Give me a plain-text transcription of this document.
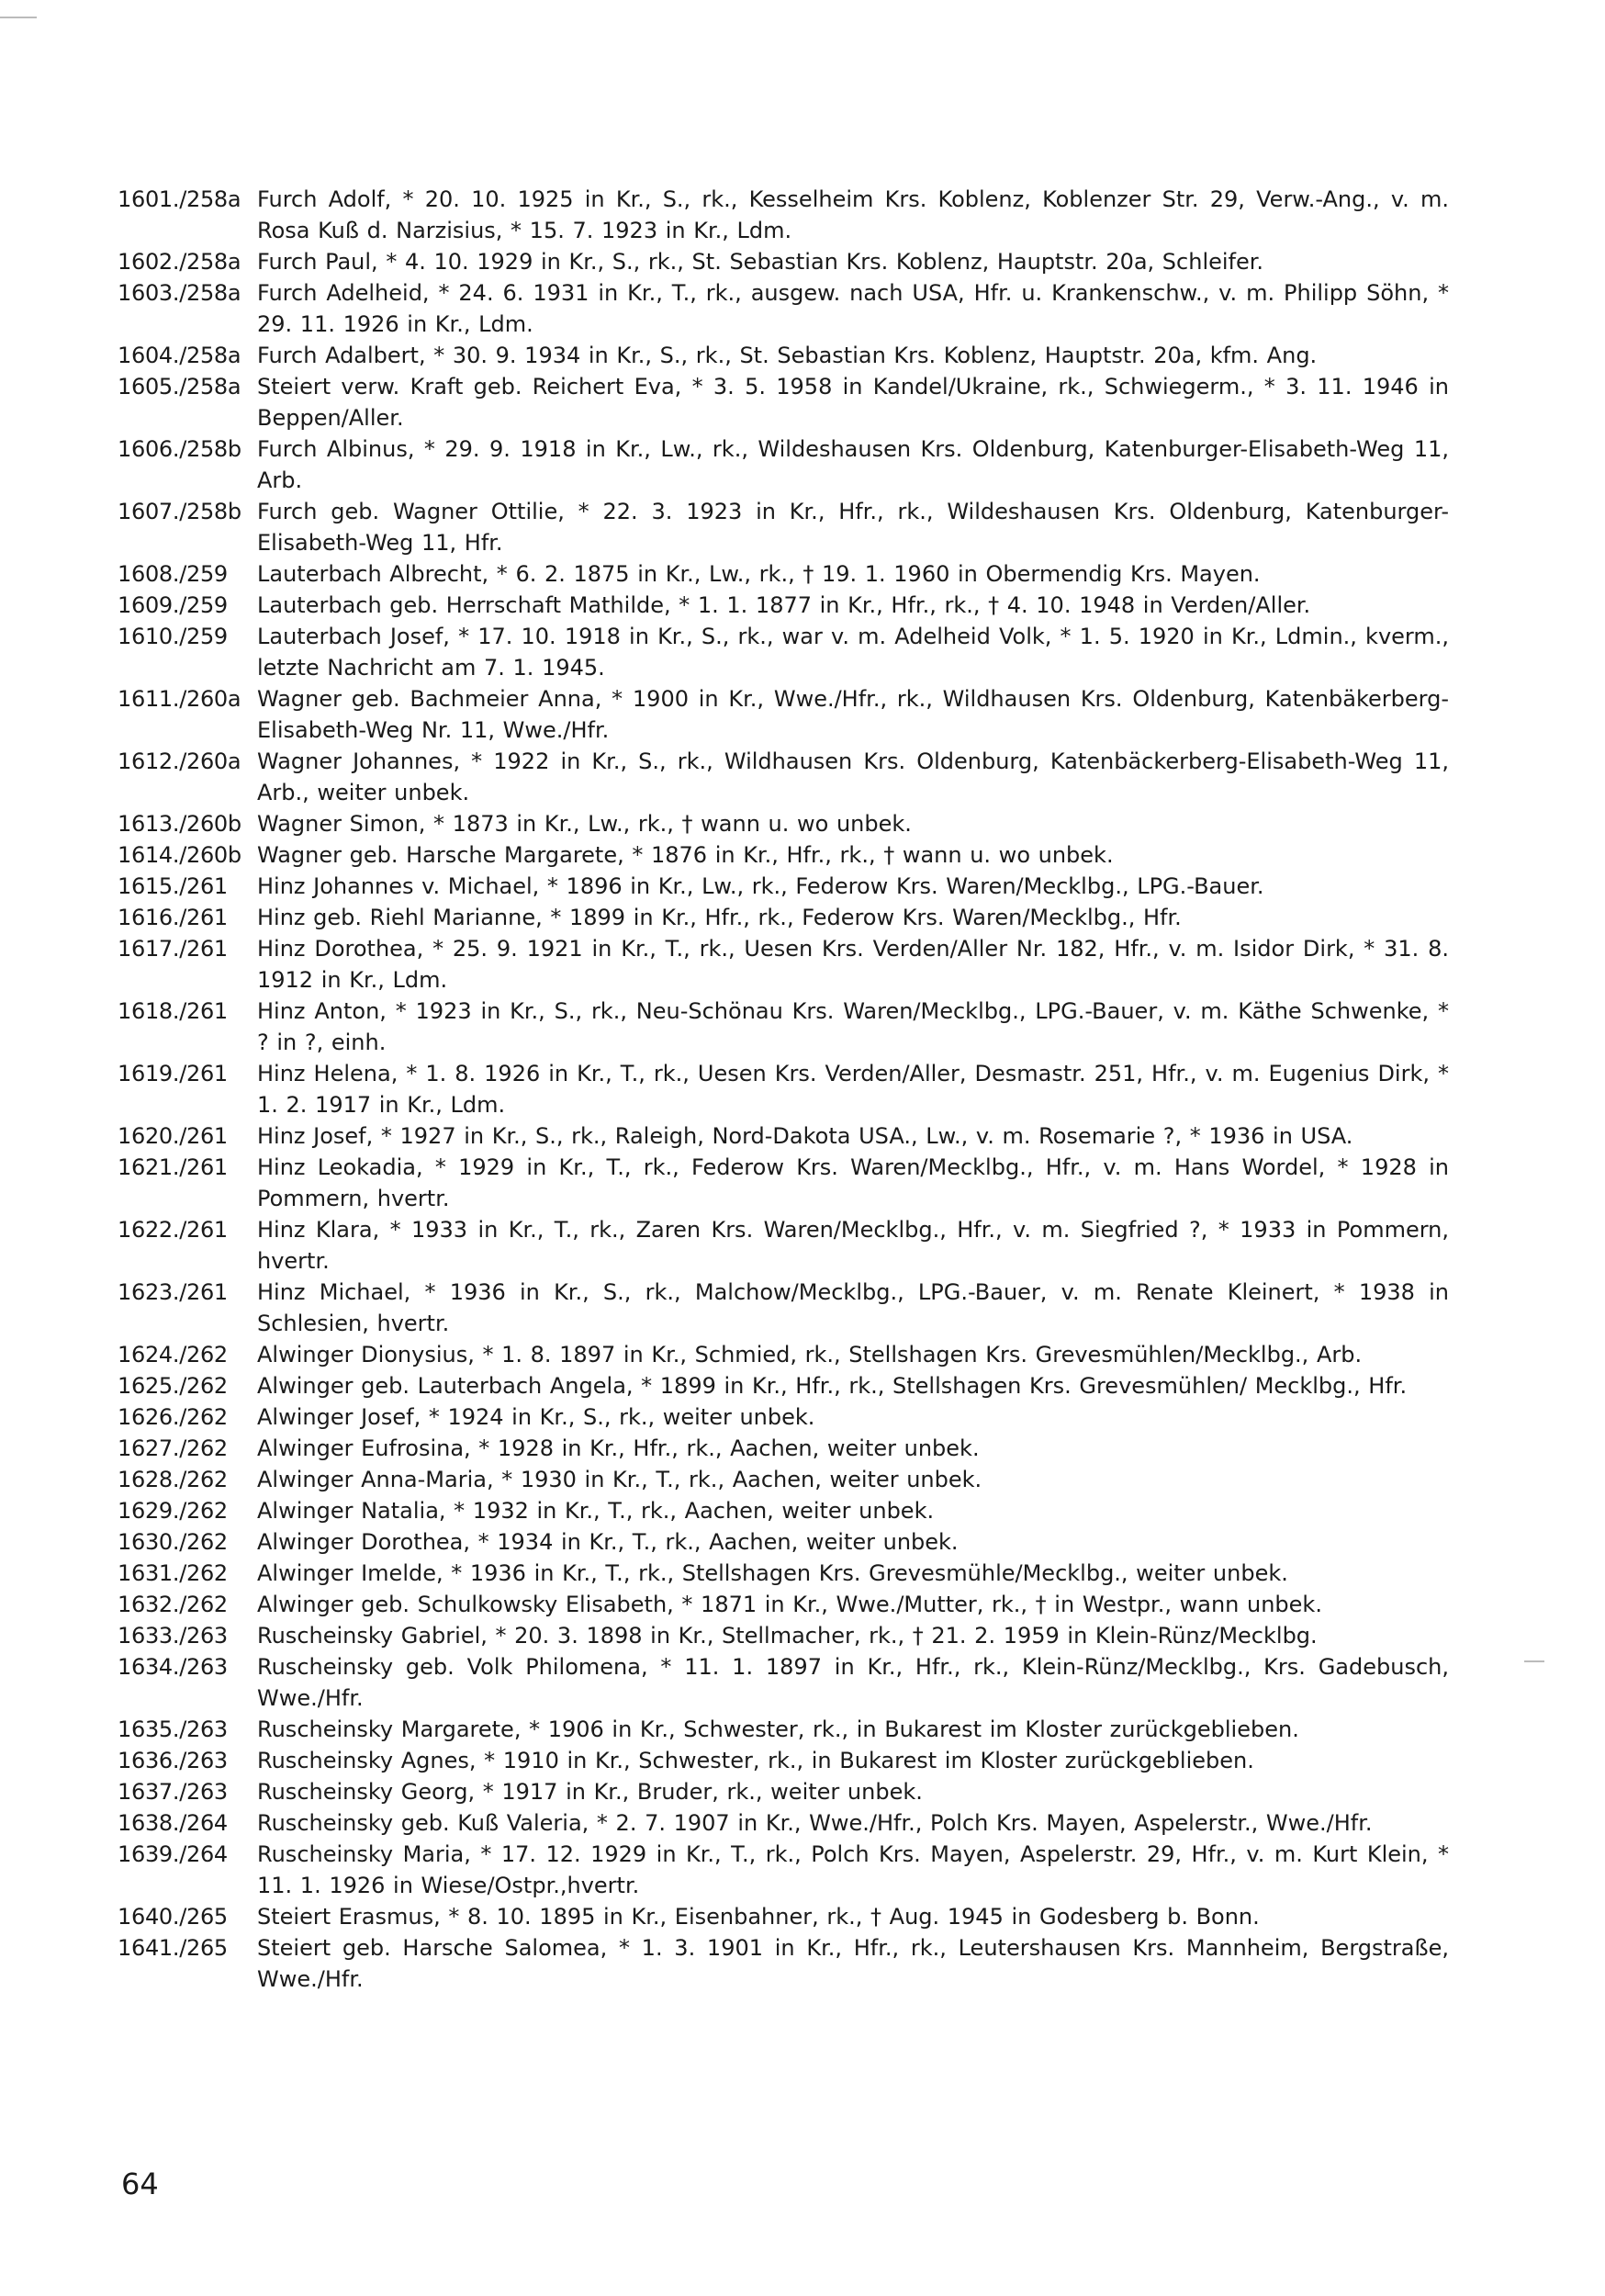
1601./258a Furch Adolf, * 20. 10. 1925 in Kr., S., rk., Kesselheim Krs. Koblenz, Koblenzer Str. 29, Verw.-Ang., v. m. Rosa Kuß d. Narzisius, * 15. 7. 1923 in Kr., Ldm.
1602./258a Furch Paul, * 4. 10. 1929 in Kr., S., rk., St. Sebastian Krs. Koblenz, Hauptstr. 20a, Schleifer.
1603./258a Furch Adelheid, * 24. 6. 1931 in Kr., T., rk., ausgew. nach USA, Hfr. u. Krankenschw., v. m. Philipp Söhn, * 29. 11. 1926 in Kr., Ldm.
1604./258a Furch Adalbert, * 30. 9. 1934 in Kr., S., rk., St. Sebastian Krs. Koblenz, Hauptstr. 20a, kfm. Ang.
1605./258a Steiert verw. Kraft geb. Reichert Eva, * 3. 5. 1958 in Kandel/Ukraine, rk., Schwiegerm., * 3. 11. 1946 in Beppen/Aller.
1606./258b Furch Albinus, * 29. 9. 1918 in Kr., Lw., rk., Wildeshausen Krs. Oldenburg, Katenburger-Elisabeth-Weg 11, Arb.
1607./258b Furch geb. Wagner Ottilie, * 22. 3. 1923 in Kr., Hfr., rk., Wildeshausen Krs. Oldenburg, Katenburger-Elisabeth-Weg 11, Hfr.
1608./259	Lauterbach Albrecht, * 6. 2. 1875 in Kr., Lw., rk., † 19. 1. 1960 in Obermendig Krs. Mayen.
1609./259	Lauterbach geb. Herrschaft Mathilde, * 1. 1. 1877 in Kr., Hfr., rk., † 4. 10. 1948 in Verden/Aller.
1610./259	Lauterbach Josef, * 17. 10. 1918 in Kr., S., rk., war v. m. Adelheid Volk, * 1. 5. 1920 in Kr., Ldmin., kverm., letzte Nachricht am 7. 1. 1945.
1611./260a Wagner geb. Bachmeier Anna, * 1900 in Kr., Wwe./Hfr., rk., Wildhausen Krs. Oldenburg, Katenbäkerberg-Elisabeth-Weg Nr. 11, Wwe./Hfr.
1612./260a Wagner Johannes, * 1922 in Kr., S., rk., Wildhausen Krs. Oldenburg, Katenbäckerberg-Elisabeth-Weg 11, Arb., weiter unbek.
1613./260b Wagner Simon, * 1873 in Kr., Lw., rk., † wann u. wo unbek.
1614./260b Wagner geb. Harsche Margarete, * 1876 in Kr., Hfr., rk., † wann u. wo unbek.
1615./261	Hinz Johannes v. Michael, * 1896 in Kr., Lw., rk., Federow Krs. Waren/Mecklbg., LPG.-Bauer.
1616./261	Hinz geb. Riehl Marianne, * 1899 in Kr., Hfr., rk., Federow Krs. Waren/Mecklbg., Hfr.
1617./261	Hinz Dorothea, * 25. 9. 1921 in Kr., T., rk., Uesen Krs. Verden/Aller Nr. 182, Hfr., v. m. Isidor Dirk, * 31. 8. 1912 in Kr., Ldm.
1618./261	Hinz Anton, * 1923 in Kr., S., rk., Neu-Schönau Krs. Waren/Mecklbg., LPG.-Bauer, v. m. Käthe Schwenke, * ? in ?, einh.
1619./261	Hinz Helena, * 1. 8. 1926 in Kr., T., rk., Uesen Krs. Verden/Aller, Desmastr. 251, Hfr., v. m. Eugenius Dirk, * 1. 2. 1917 in Kr., Ldm.
1620./261	Hinz Josef, * 1927 in Kr., S., rk., Raleigh, Nord-Dakota USA., Lw., v. m. Rosemarie ?, * 1936 in USA.
1621./261	Hinz Leokadia, * 1929 in Kr., T., rk., Federow Krs. Waren/Mecklbg., Hfr., v. m. Hans Wordel, * 1928 in Pommern, hvertr.
1622./261	Hinz Klara, * 1933 in Kr., T., rk., Zaren Krs. Waren/Mecklbg., Hfr., v. m. Siegfried ?, * 1933 in Pommern, hvertr.
1623./261	Hinz Michael, * 1936 in Kr., S., rk., Malchow/Mecklbg., LPG.-Bauer, v. m. Renate Kleinert, * 1938 in Schlesien, hvertr.
1624./262	Alwinger Dionysius, * 1. 8. 1897 in Kr., Schmied, rk., Stellshagen Krs. Grevesmühlen/Mecklbg., Arb.
1625./262	Alwinger geb. Lauterbach Angela, * 1899 in Kr., Hfr., rk., Stellshagen Krs. Grevesmühlen/ Mecklbg., Hfr.
1626./262	Alwinger Josef, * 1924 in Kr., S., rk., weiter unbek.
1627./262	Alwinger Eufrosina, * 1928 in Kr., Hfr., rk., Aachen, weiter unbek.
1628./262	Alwinger Anna-Maria, * 1930 in Kr., T., rk., Aachen, weiter unbek.
1629./262	Alwinger Natalia, * 1932 in Kr., T., rk., Aachen, weiter unbek.
1630./262	Alwinger Dorothea, * 1934 in Kr., T., rk., Aachen, weiter unbek.
1631./262	Alwinger Imelde, * 1936 in Kr., T., rk., Stellshagen Krs. Grevesmühle/Mecklbg., weiter unbek.
1632./262	Alwinger geb. Schulkowsky Elisabeth, * 1871 in Kr., Wwe./Mutter, rk., † in Westpr., wann unbek.
1633./263	Ruscheinsky Gabriel, * 20. 3. 1898 in Kr., Stellmacher, rk., † 21. 2. 1959 in Klein-Rünz/Mecklbg.
1634./263	Ruscheinsky geb. Volk Philomena, * 11. 1. 1897 in Kr., Hfr., rk., Klein-Rünz/Mecklbg., Krs. Gadebusch, Wwe./Hfr.
1635./263	Ruscheinsky Margarete, * 1906 in Kr., Schwester, rk., in Bukarest im Kloster zurückgeblieben.
1636./263	Ruscheinsky Agnes, * 1910 in Kr., Schwester, rk., in Bukarest im Kloster zurückgeblieben.
1637./263	Ruscheinsky Georg, * 1917 in Kr., Bruder, rk., weiter unbek.
1638./264	Ruscheinsky geb. Kuß Valeria, * 2. 7. 1907 in Kr., Wwe./Hfr., Polch Krs. Mayen, Aspelerstr., Wwe./Hfr.
1639./264	Ruscheinsky Maria, * 17. 12. 1929 in Kr., T., rk., Polch Krs. Mayen, Aspelerstr. 29, Hfr., v. m. Kurt Klein, * 11. 1. 1926 in Wiese/Ostpr.,hvertr.
1640./265	Steiert Erasmus, * 8. 10. 1895 in Kr., Eisenbahner, rk., † Aug. 1945 in Godesberg b. Bonn.
1641./265	Steiert geb. Harsche Salomea, * 1. 3. 1901 in Kr., Hfr., rk., Leutershausen Krs. Mannheim, Bergstraße, Wwe./Hfr.
64
